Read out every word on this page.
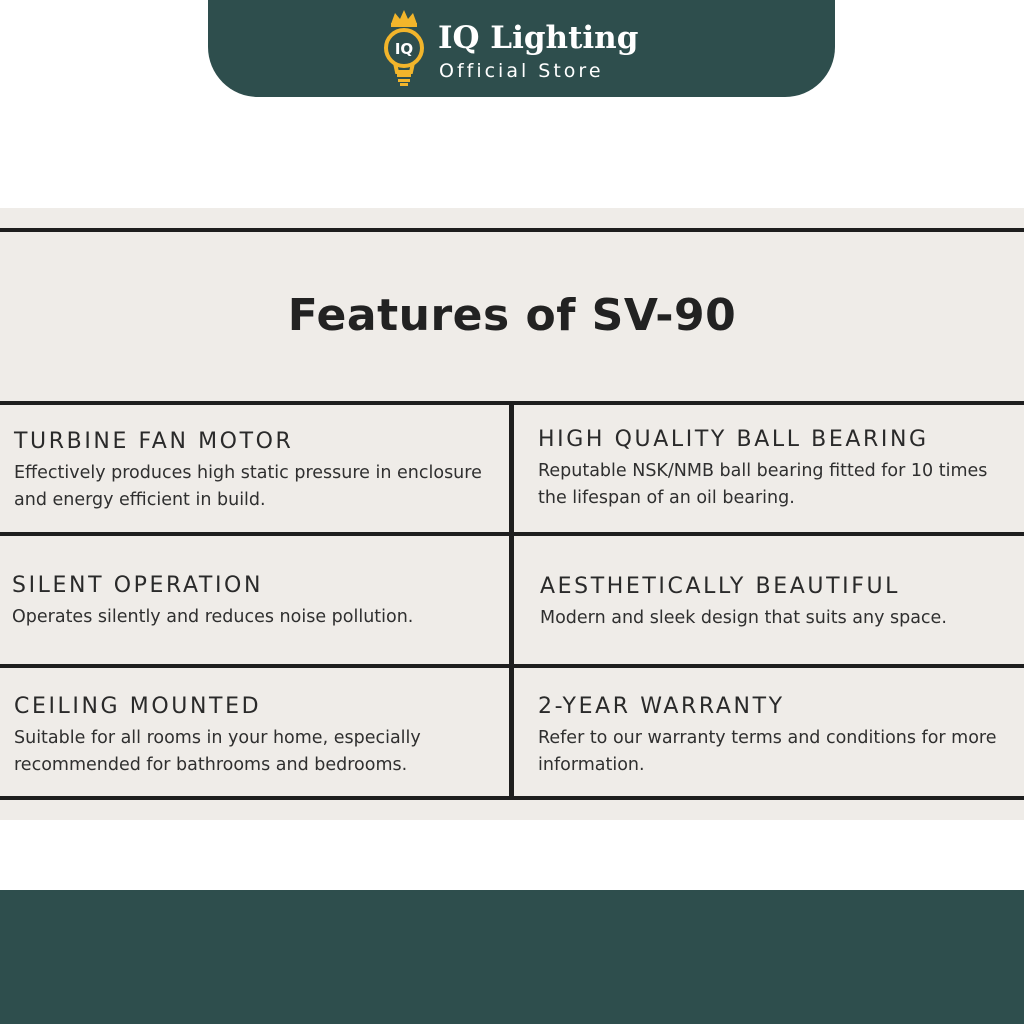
IQ IQ Lighting
Official Store
Features of SV-90
TURBINE FAN MOTOR
Effectively produces high static pressure in enclosure and energy efficient in build.
HIGH QUALITY BALL BEARING
Reputable NSK/NMB ball bearing fitted for 10 times the lifespan of an oil bearing.
SILENT OPERATION
Operates silently and reduces noise pollution.
AESTHETICALLY BEAUTIFUL
Modern and sleek design that suits any space.
CEILING MOUNTED
Suitable for all rooms in your home, especially recommended for bathrooms and bedrooms.
2-YEAR WARRANTY
Refer to our warranty terms and conditions for more information.
